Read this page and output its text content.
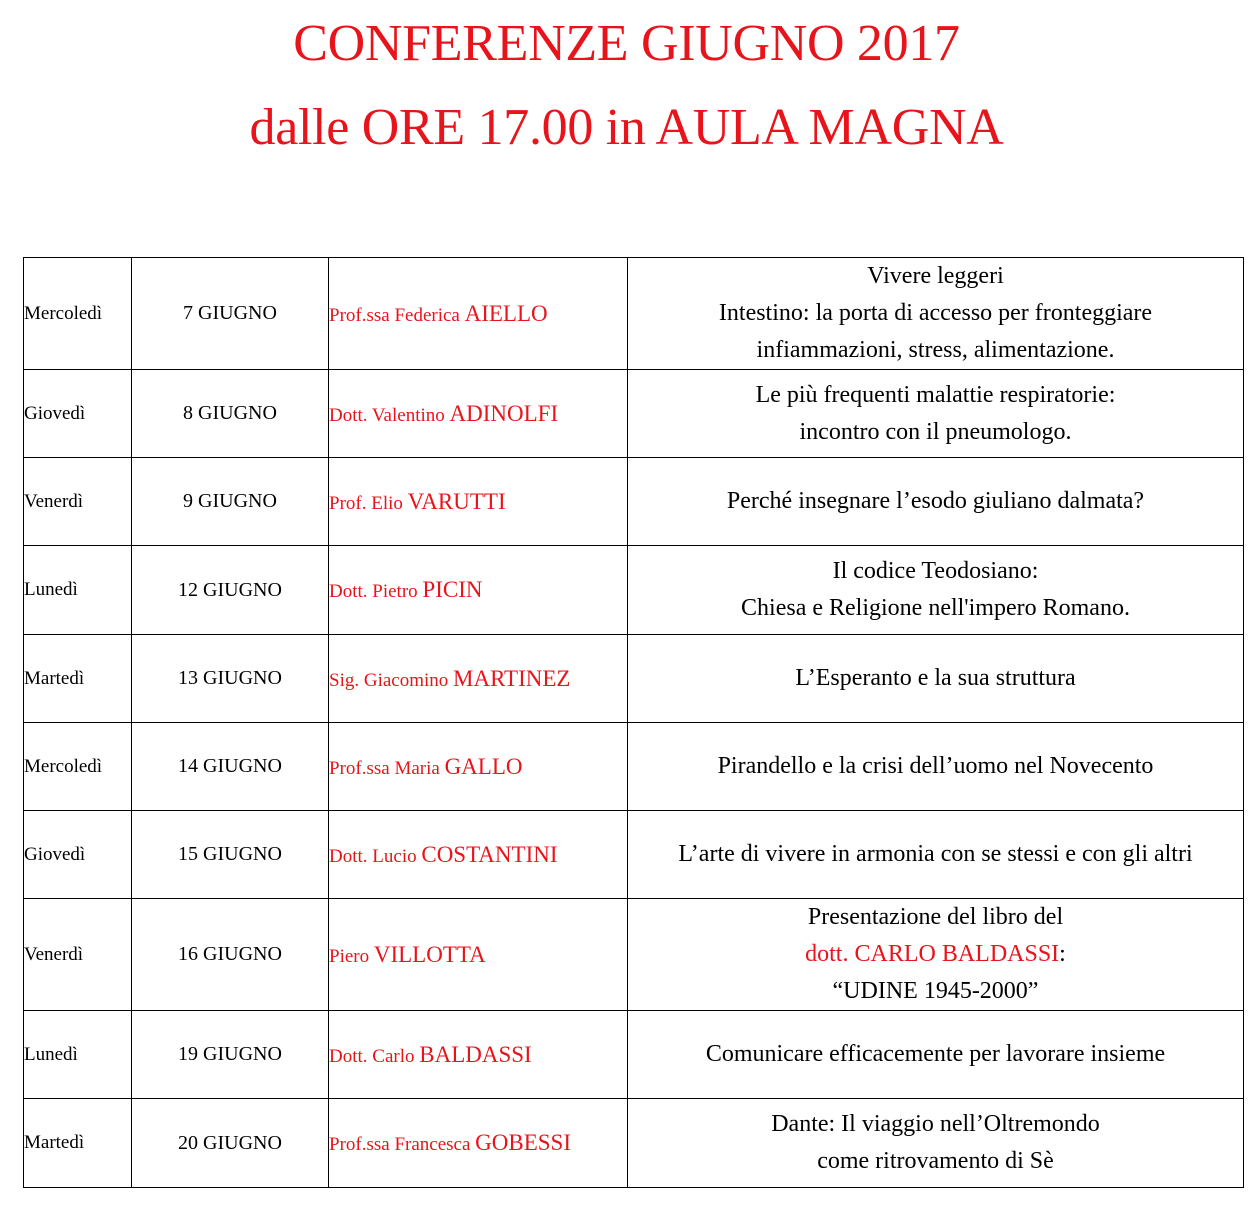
CONFERENZE GIUGNO 2017
dalle ORE 17.00 in AULA MAGNA
Mercoledì	7 GIUGNO	Prof.ssa Federica AIELLO	Vivere leggeri
Intestino: la porta di accesso per fronteggiare
infiammazioni, stress, alimentazione.

Giovedì	8 GIUGNO	Dott. Valentino ADINOLFI	Le più frequenti malattie respiratorie:
incontro con il pneumologo.

Venerdì	9 GIUGNO	Prof. Elio VARUTTI	Perché insegnare l’esodo giuliano dalmata?

Lunedì	12 GIUGNO	Dott. Pietro PICIN	Il codice Teodosiano:
Chiesa e Religione nell'impero Romano.

Martedì	13 GIUGNO	Sig. Giacomino MARTINEZ	L’Esperanto e la sua struttura

Mercoledì	14 GIUGNO	Prof.ssa Maria GALLO	Pirandello e la crisi dell’uomo nel Novecento

Giovedì	15 GIUGNO	Dott. Lucio COSTANTINI	L’arte di vivere in armonia con se stessi e con gli altri

Venerdì	16 GIUGNO	Piero VILLOTTA	Presentazione del libro del
dott. CARLO BALDASSI:
“UDINE 1945-2000”

Lunedì	19 GIUGNO	Dott. Carlo BALDASSI	Comunicare efficacemente per lavorare insieme

Martedì	20 GIUGNO	Prof.ssa Francesca GOBESSI	Dante: Il viaggio nell’Oltremondo
come ritrovamento di Sè
